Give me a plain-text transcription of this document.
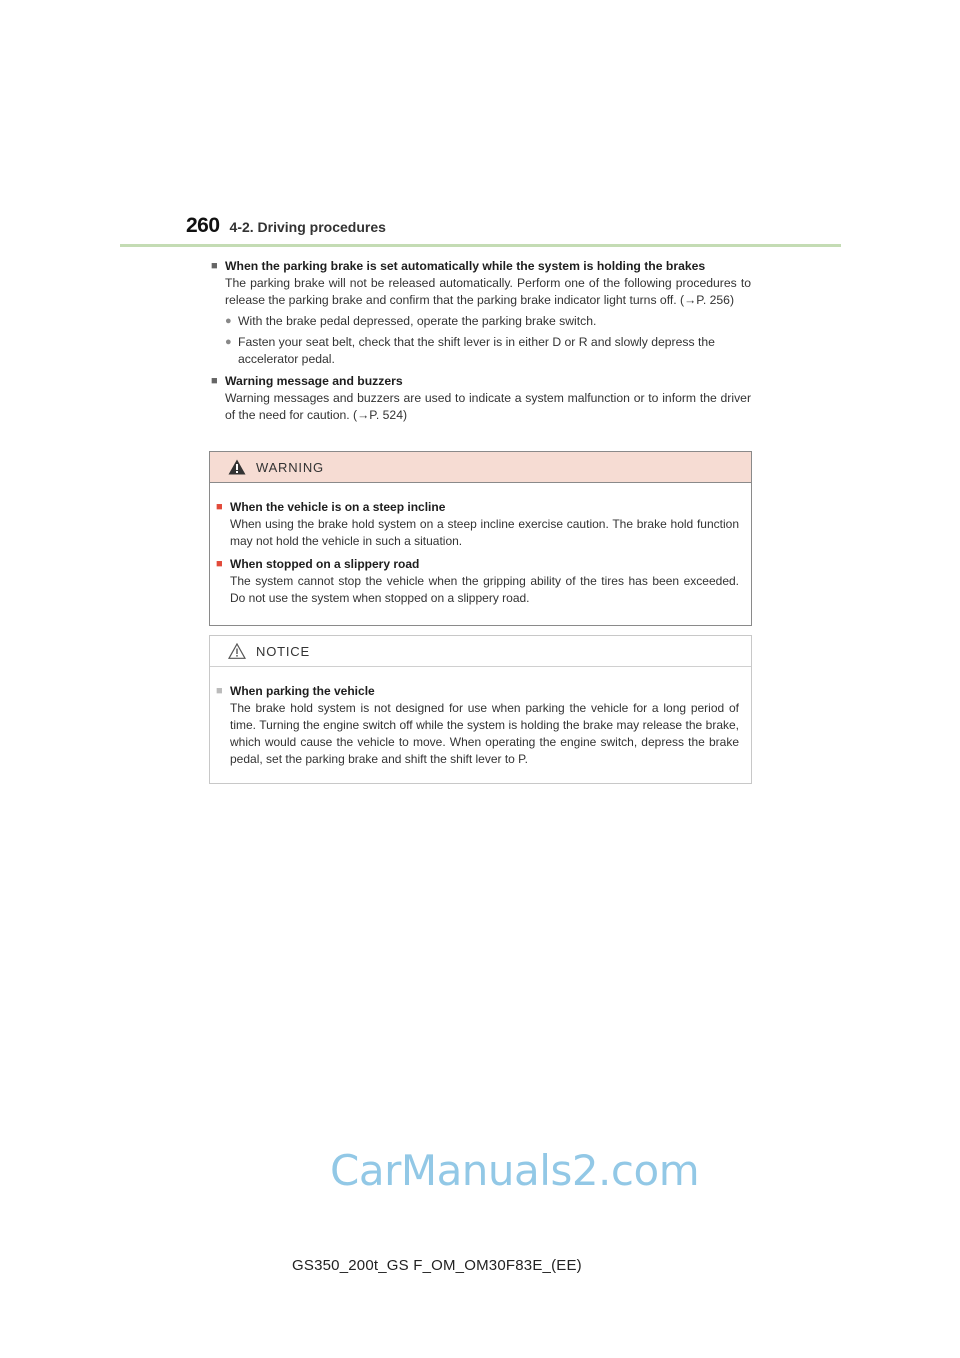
260 4-2. Driving procedures
■ When the parking brake is set automatically while the system is holding the brakes
The parking brake will not be released automatically. Perform one of the following procedures to release the parking brake and confirm that the parking brake indicator light turns off. (→P. 256)
● With the brake pedal depressed, operate the parking brake switch.
● Fasten your seat belt, check that the shift lever is in either D or R and slowly depress the accelerator pedal.
■ Warning message and buzzers
Warning messages and buzzers are used to indicate a system malfunction or to inform the driver of the need for caution. (→P. 524)
WARNING
■ When the vehicle is on a steep incline
When using the brake hold system on a steep incline exercise caution. The brake hold function may not hold the vehicle in such a situation.
■ When stopped on a slippery road
The system cannot stop the vehicle when the gripping ability of the tires has been exceeded. Do not use the system when stopped on a slippery road.
NOTICE
■ When parking the vehicle
The brake hold system is not designed for use when parking the vehicle for a long period of time. Turning the engine switch off while the system is holding the brake may release the brake, which would cause the vehicle to move. When operating the engine switch, depress the brake pedal, set the parking brake and shift the shift lever to P.
CarManuals2.com
GS350_200t_GS F_OM_OM30F83E_(EE)
